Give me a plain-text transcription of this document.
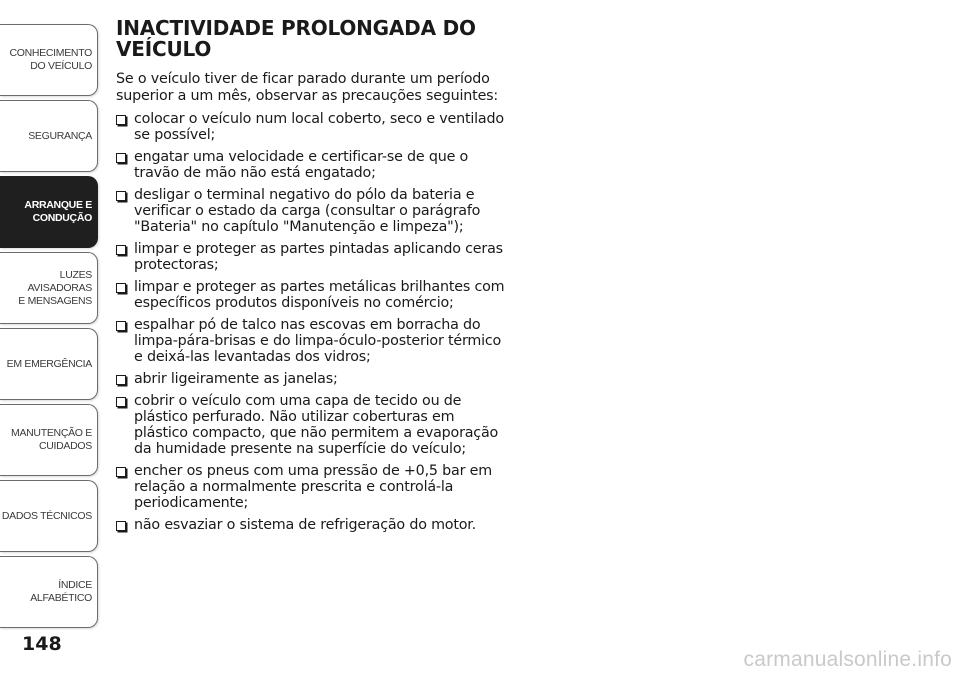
CONHECIMENTO
DO VEÍCULO
SEGURANÇA
ARRANQUE E
CONDUÇÃO
LUZES AVISADORAS
E MENSAGENS
EM EMERGÊNCIA
MANUTENÇÃO E
CUIDADOS
DADOS TÉCNICOS
ÍNDICE ALFABÉTICO
148
INACTIVIDADE PROLONGADA DO
VEÍCULO

Se o veículo tiver de ficar parado durante um período superior a um mês, observar as precauções seguintes:

colocar o veículo num local coberto, seco e ventilado se possível;
engatar uma velocidade e certificar-se de que o travão de mão não está engatado;
desligar o terminal negativo do pólo da bateria e verificar o estado da carga (consultar o parágrafo "Bateria" no capítulo "Manutenção e limpeza");
limpar e proteger as partes pintadas aplicando ceras protectoras;
limpar e proteger as partes metálicas brilhantes com específicos produtos disponíveis no comércio;
espalhar pó de talco nas escovas em borracha do limpa-pára-brisas e do limpa-óculo-posterior térmico e deixá-las levantadas dos vidros;
abrir ligeiramente as janelas;
cobrir o veículo com uma capa de tecido ou de plástico perfurado. Não utilizar coberturas em plástico compacto, que não permitem a evaporação da humidade presente na superfície do veículo;
encher os pneus com uma pressão de +0,5 bar em relação a normalmente prescrita e controlá-la periodicamente;
não esvaziar o sistema de refrigeração do motor.
carmanualsonline.info
